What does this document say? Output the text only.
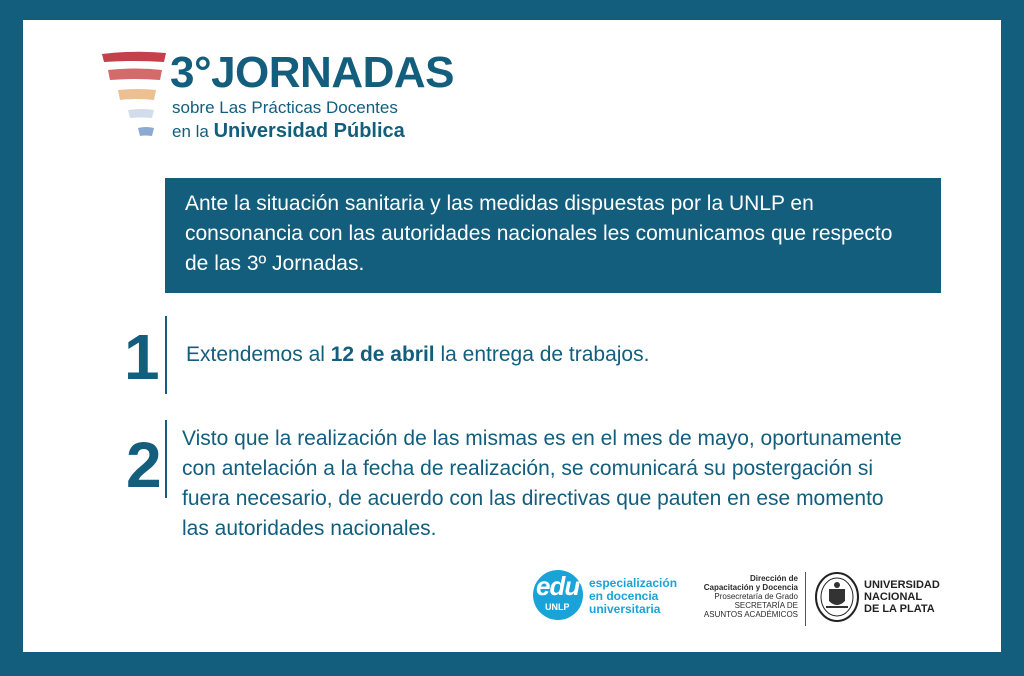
3°JORNADAS
sobre Las Prácticas Docentes
en la Universidad Pública
Ante la situación sanitaria y las medidas dispuestas por la UNLP en consonancia con las autoridades nacionales les comunicamos que respecto de las 3º Jornadas.
1 Extendemos al 12 de abril la entrega de trabajos.
2 Visto que la realización de las mismas es en el mes de mayo, oportunamente con antelación a la fecha de realización, se comunicará su postergación si fuera necesario, de acuerdo con las directivas que pauten en ese momento las autoridades nacionales.
edu
UNLP
especialización
en docencia
universitaria
Dirección de
Capacitación y Docencia
Prosecretaría de Grado
SECRETARÍA DE
ASUNTOS ACADÉMICOS
UNIVERSIDAD
NACIONAL
DE LA PLATA
